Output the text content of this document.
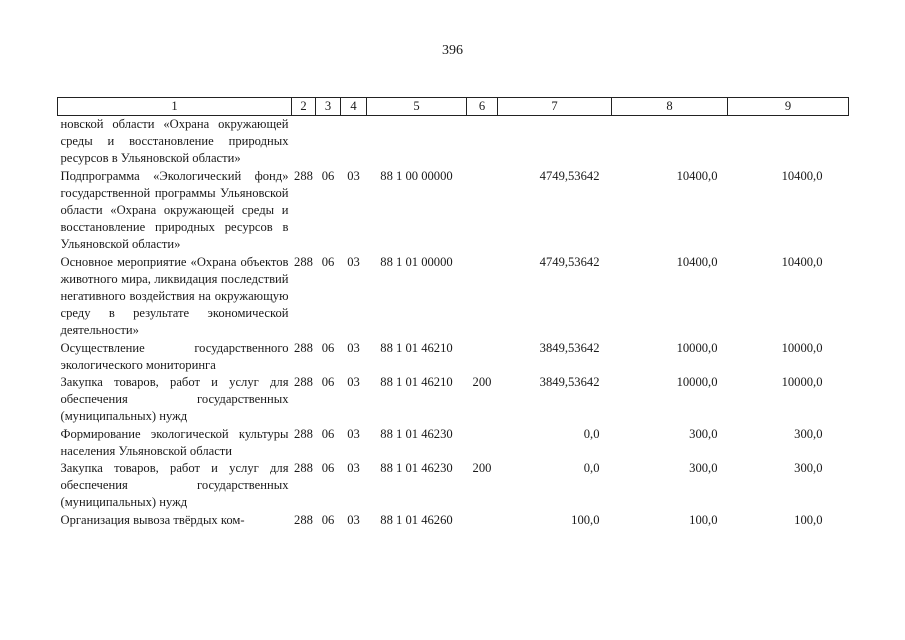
396
1	2	3	4	5	6	7	8	9
новской области «Охрана окружающей среды и восстановление природных ресурсов в Ульяновской области»								
Подпрограмма «Экологический фонд» государственной программы Ульяновской области «Охрана окружающей среды и восстановление природных ресурсов в Ульяновской области»	288	06	03	88 1 00 00000		4749,53642	10400,0	10400,0
Основное мероприятие «Охрана объектов животного мира, ликвидация последствий негативного воздействия на окружающую среду в результате экономической деятельности»	288	06	03	88 1 01 00000		4749,53642	10400,0	10400,0
Осуществление государственного экологического мониторинга	288	06	03	88 1 01 46210		3849,53642	10000,0	10000,0
Закупка товаров, работ и услуг для обеспечения государственных (муниципальных) нужд	288	06	03	88 1 01 46210	200	3849,53642	10000,0	10000,0
Формирование экологической культуры населения Ульяновской области	288	06	03	88 1 01 46230		0,0	300,0	300,0
Закупка товаров, работ и услуг для обеспечения государственных (муниципальных) нужд	288	06	03	88 1 01 46230	200	0,0	300,0	300,0
Организация вывоза твёрдых ком-	288	06	03	88 1 01 46260		100,0	100,0	100,0
